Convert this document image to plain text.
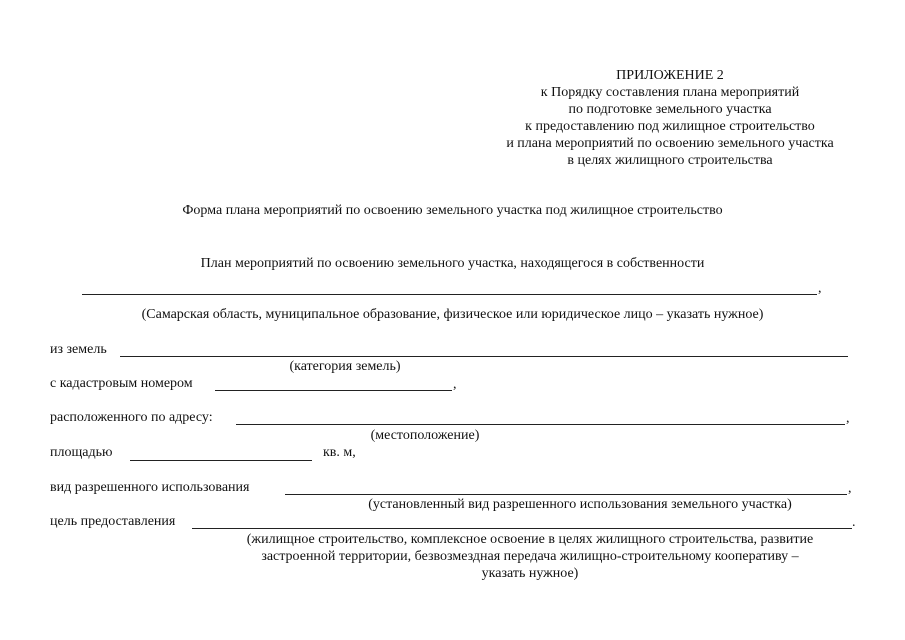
ПРИЛОЖЕНИЕ 2
к Порядку составления плана мероприятий
по подготовке земельного участка
к предоставлению под жилищное строительство
и плана мероприятий по освоению земельного участка
в целях жилищного строительства
Форма плана мероприятий по освоению земельного участка под жилищное строительство
План мероприятий по освоению земельного участка, находящегося в собственности
,
(Самарская область, муниципальное образование, физическое или юридическое лицо – указать нужное)
из земель
(категория земель)
с кадастровым номером	,
расположенного по адресу:	,
(местоположение)
площадью	кв. м,
вид разрешенного использования	,
(установленный вид разрешенного использования земельного участка)
цель предоставления	.
(жилищное строительство, комплексное освоение в целях жилищного строительства, развитие
застроенной территории, безвозмездная передача жилищно-строительному кооперативу –
указать нужное)
